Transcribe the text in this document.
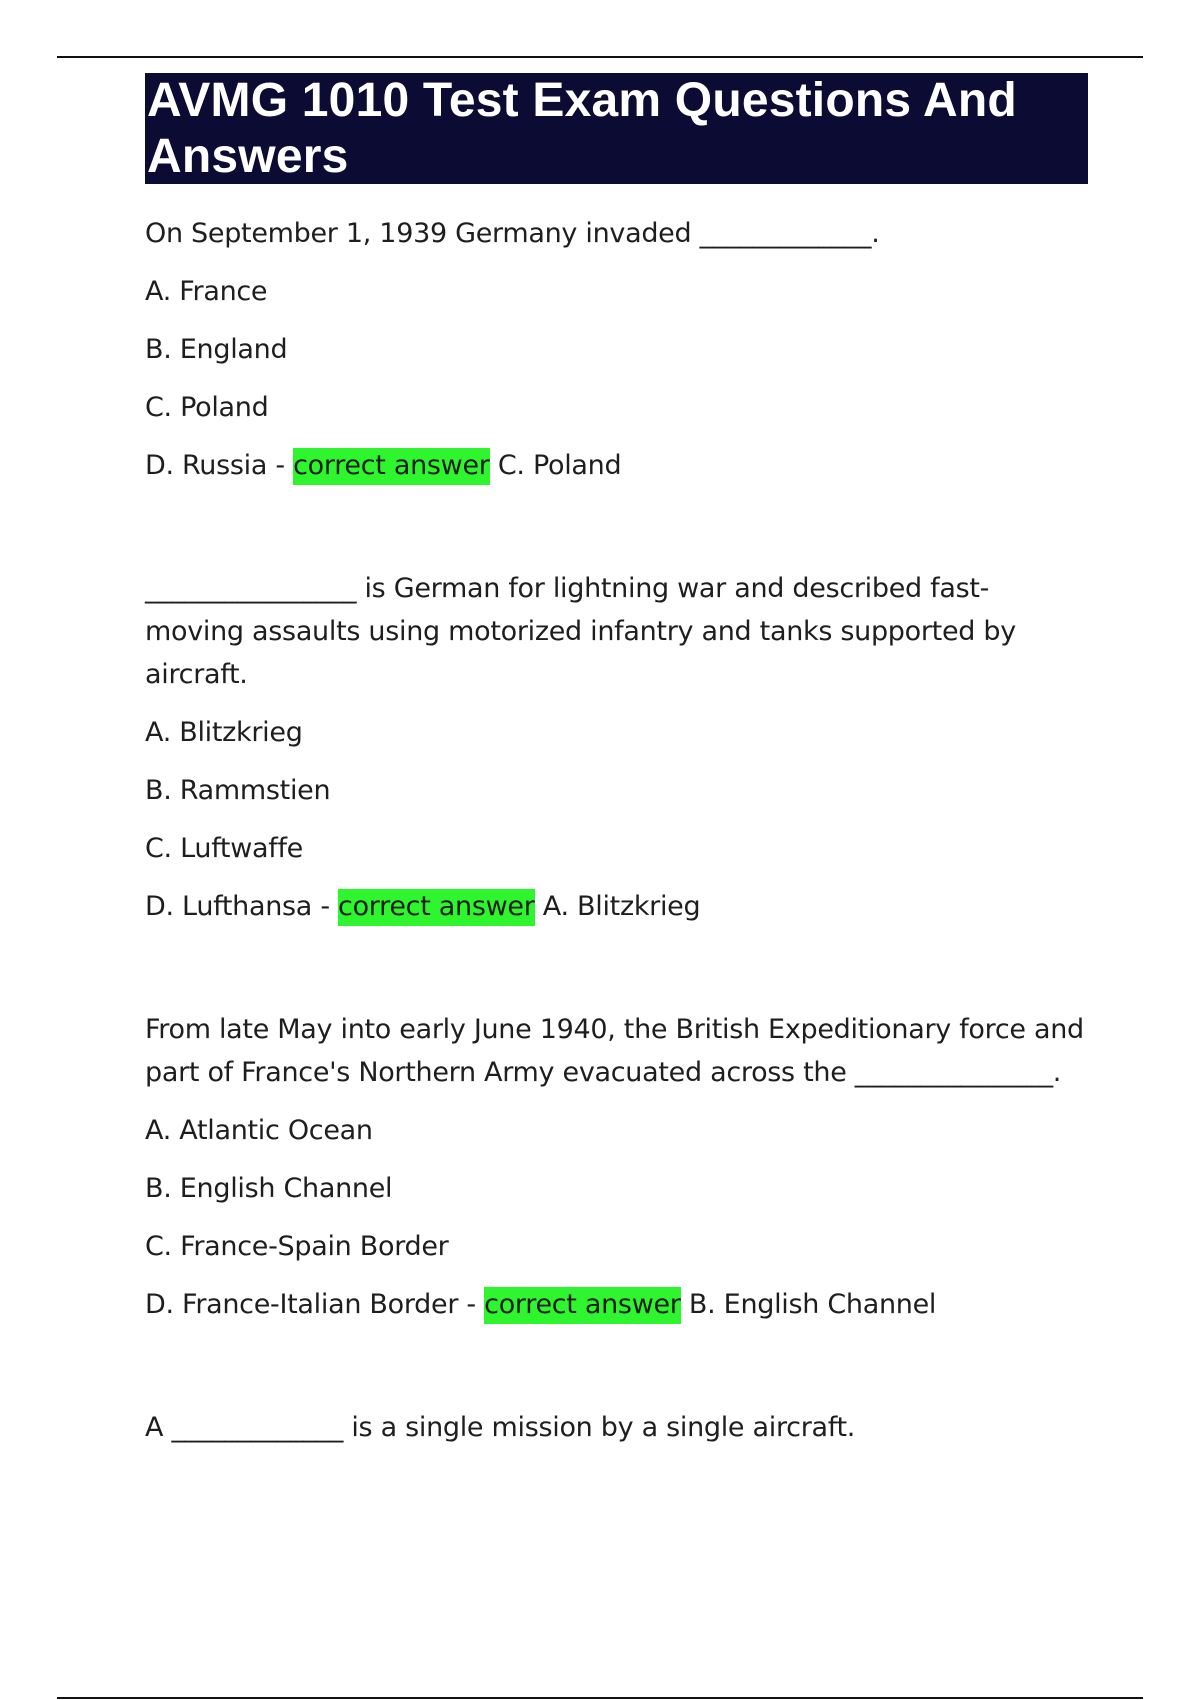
AVMG 1010 Test Exam Questions And Answers

On September 1, 1939 Germany invaded _____________.

A. France

B. England

C. Poland

D. Russia - correct answer C. Poland

________________ is German for lightning war and described fast-moving assaults using motorized infantry and tanks supported by aircraft.

A. Blitzkrieg

B. Rammstien

C. Luftwaffe

D. Lufthansa - correct answer A. Blitzkrieg

From late May into early June 1940, the British Expeditionary force and part of France's Northern Army evacuated across the _______________.

A. Atlantic Ocean

B. English Channel

C. France-Spain Border

D. France-Italian Border - correct answer B. English Channel

A _____________ is a single mission by a single aircraft.
